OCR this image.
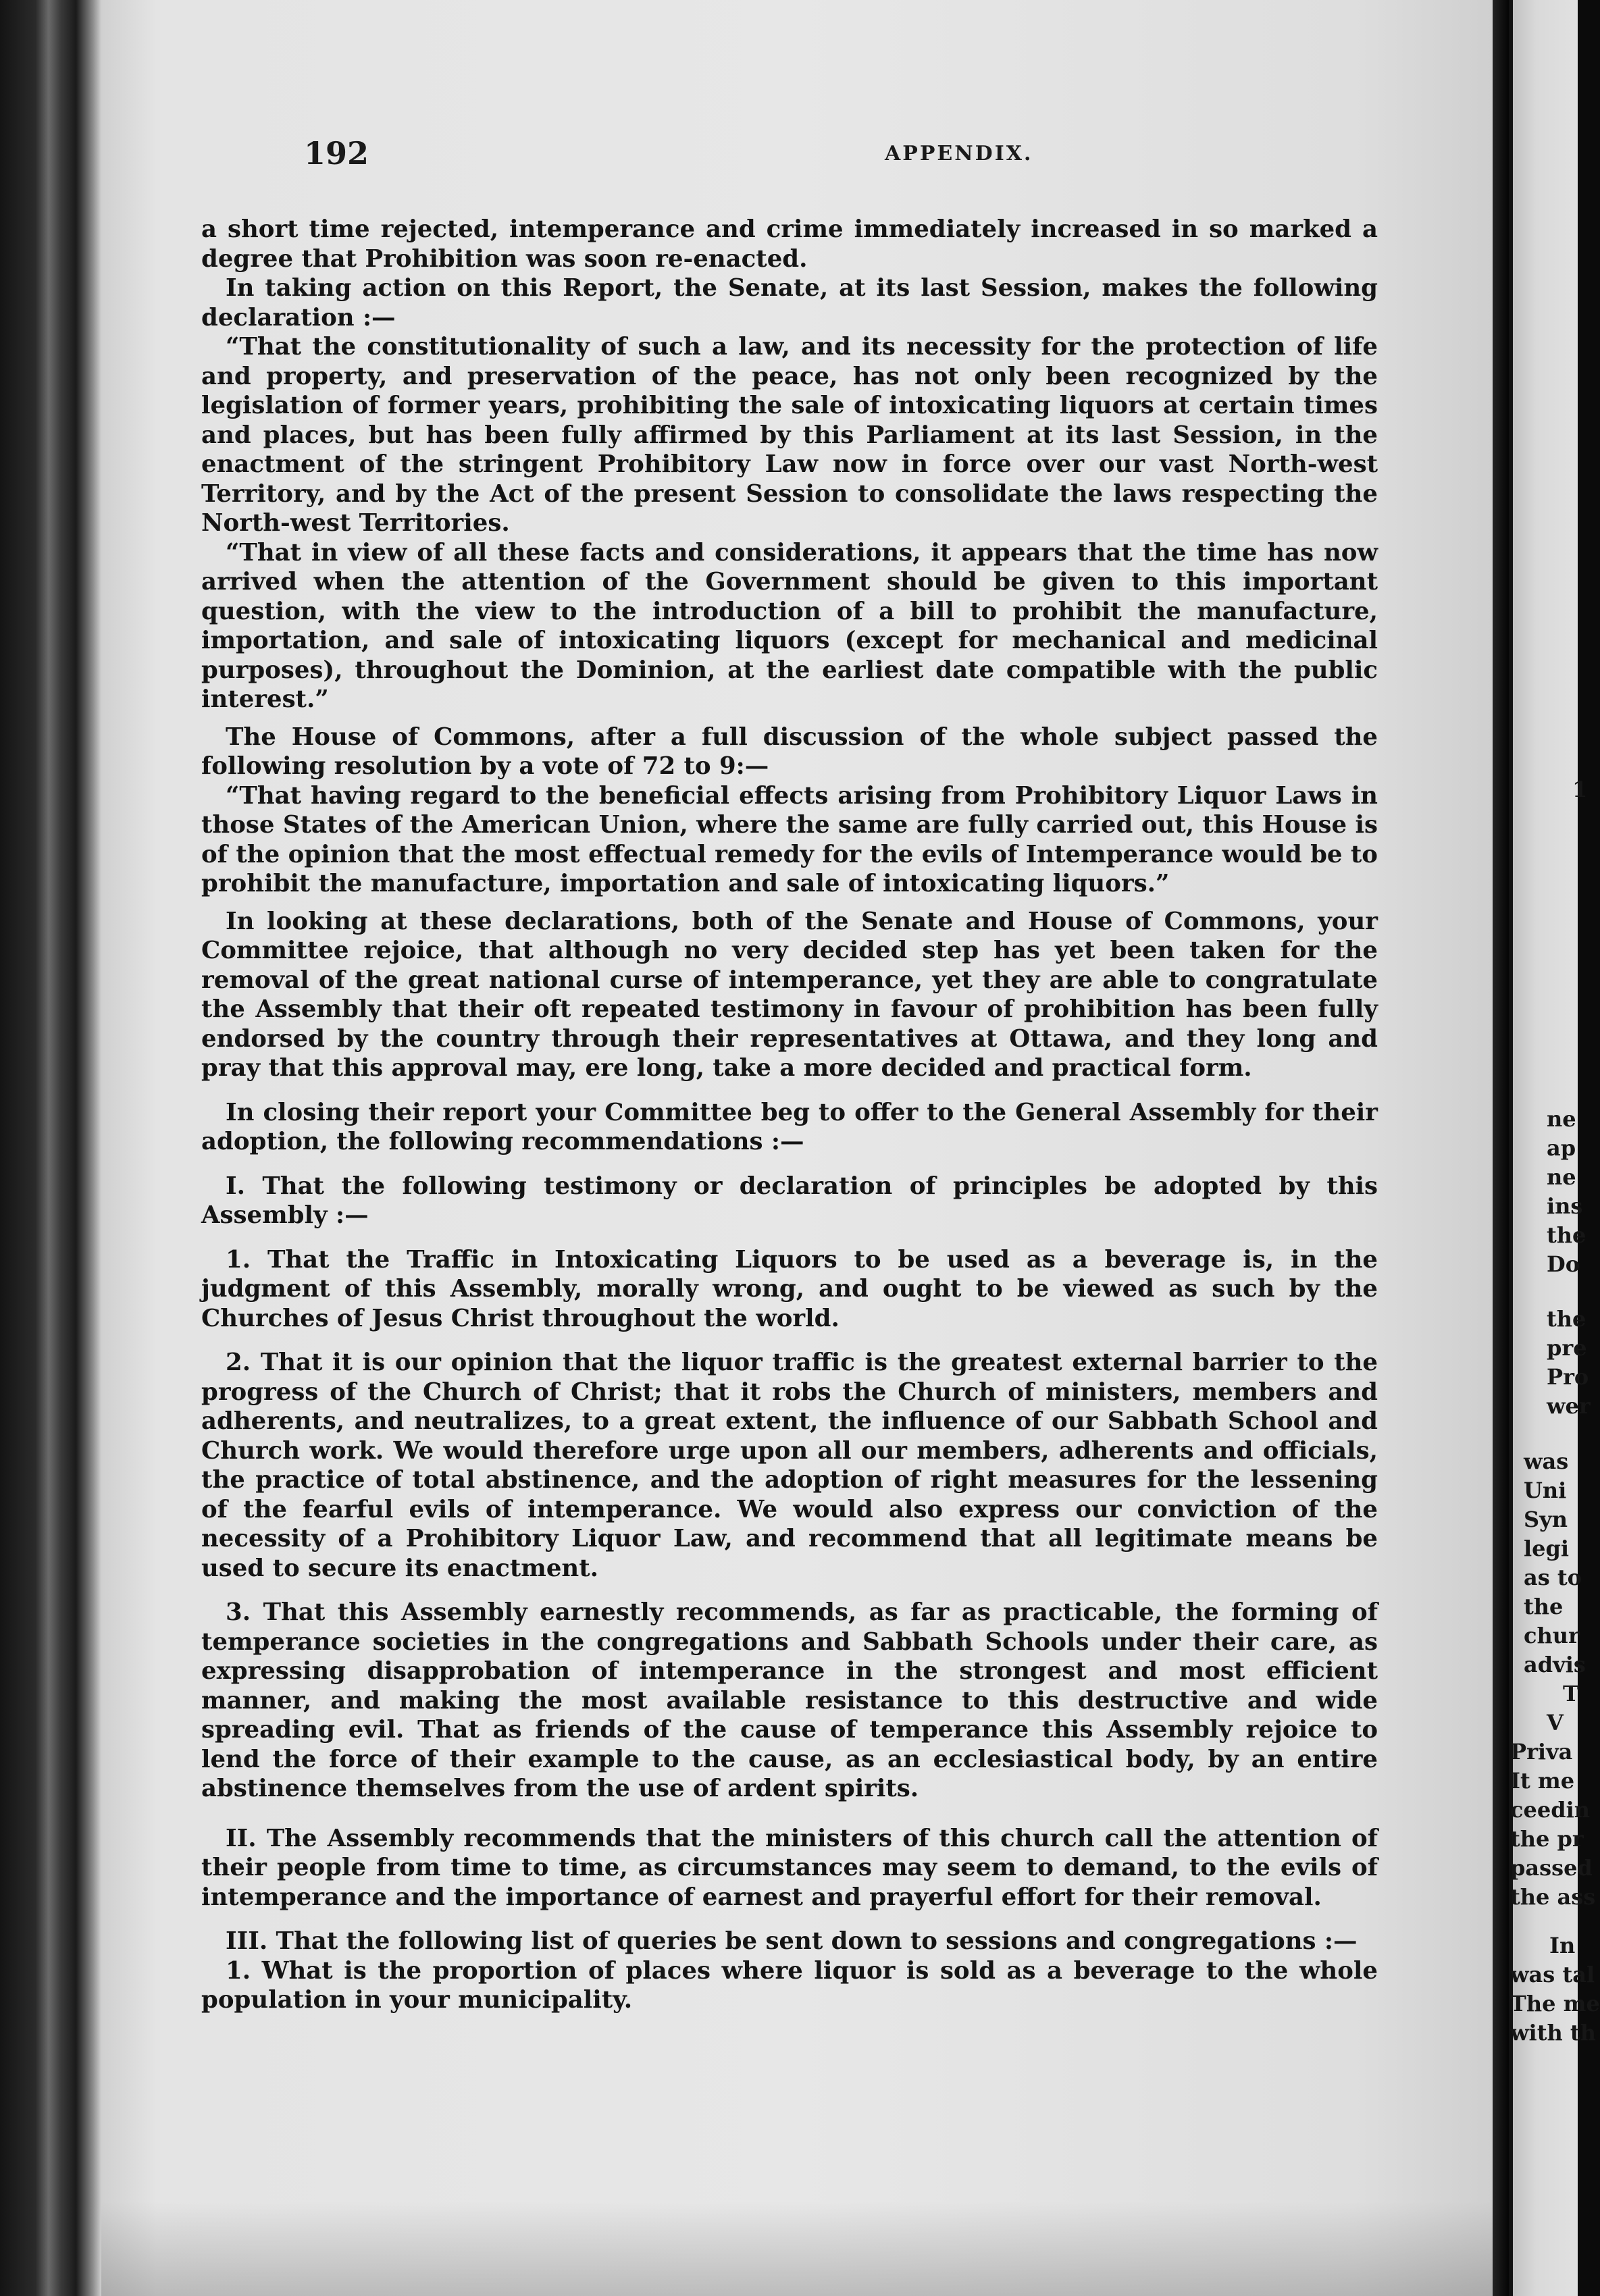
192	APPENDIX.

a short time rejected, intemperance and crime immediately increased in so marked a degree that Prohibition was soon re-enacted.

In taking action on this Report, the Senate, at its last Session, makes the following declaration :—

“That the constitutionality of such a law, and its necessity for the protection of life and property, and preservation of the peace, has not only been recognized by the legislation of former years, prohibiting the sale of intoxicating liquors at certain times and places, but has been fully affirmed by this Parliament at its last Session, in the enactment of the stringent Prohibitory Law now in force over our vast North-west Territory, and by the Act of the present Session to consolidate the laws respecting the North-west Territories.

“That in view of all these facts and considerations, it appears that the time has now arrived when the attention of the Government should be given to this important question, with the view to the introduction of a bill to prohibit the manufacture, importation, and sale of intoxicating liquors (except for mechanical and medicinal purposes), throughout the Dominion, at the earliest date compatible with the public interest.”

The House of Commons, after a full discussion of the whole subject passed the following resolution by a vote of 72 to 9:—

“That having regard to the beneficial effects arising from Prohibitory Liquor Laws in those States of the American Union, where the same are fully carried out, this House is of the opinion that the most effectual remedy for the evils of Intemperance would be to prohibit the manufacture, importation and sale of intoxicating liquors.”

In looking at these declarations, both of the Senate and House of Commons, your Committee rejoice, that although no very decided step has yet been taken for the removal of the great national curse of intemperance, yet they are able to congratulate the Assembly that their oft repeated testimony in favour of prohibition has been fully endorsed by the country through their representatives at Ottawa, and they long and pray that this approval may, ere long, take a more decided and practical form.

In closing their report your Committee beg to offer to the General Assembly for their adoption, the following recommendations :—

I. That the following testimony or declaration of principles be adopted by this Assembly :—

1. That the Traffic in Intoxicating Liquors to be used as a beverage is, in the judgment of this Assembly, morally wrong, and ought to be viewed as such by the Churches of Jesus Christ throughout the world.

2. That it is our opinion that the liquor traffic is the greatest external barrier to the progress of the Church of Christ; that it robs the Church of ministers, members and adherents, and neutralizes, to a great extent, the influence of our Sabbath School and Church work. We would therefore urge upon all our members, adherents and officials, the practice of total abstinence, and the adoption of right measures for the lessening of the fearful evils of intemperance. We would also express our conviction of the necessity of a Prohibitory Liquor Law, and recommend that all legitimate means be used to secure its enactment.

3. That this Assembly earnestly recommends, as far as practicable, the forming of temperance societies in the congregations and Sabbath Schools under their care, as expressing disapprobation of intemperance in the strongest and most efficient manner, and making the most available resistance to this destructive and wide spreading evil. That as friends of the cause of temperance this Assembly rejoice to lend the force of their example to the cause, as an ecclesiastical body, by an entire abstinence themselves from the use of ardent spirits.

II. The Assembly recommends that the ministers of this church call the attention of their people from time to time, as circumstances may seem to demand, to the evils of intemperance and the importance of earnest and prayerful effort for their removal.

III. That the following list of queries be sent down to sessions and congregations :—

1. What is the proportion of places where liquor is sold as a beverage to the whole population in your municipality.

1
ne
ap
ne
ins
the
Do
the
pre
Pro
wer
was
Uni
Syn
legi
as to
the
chur
advis
T
V
Priva
It me
ceedin
the pr
passed
the ass
In
was tal
The me
with th
